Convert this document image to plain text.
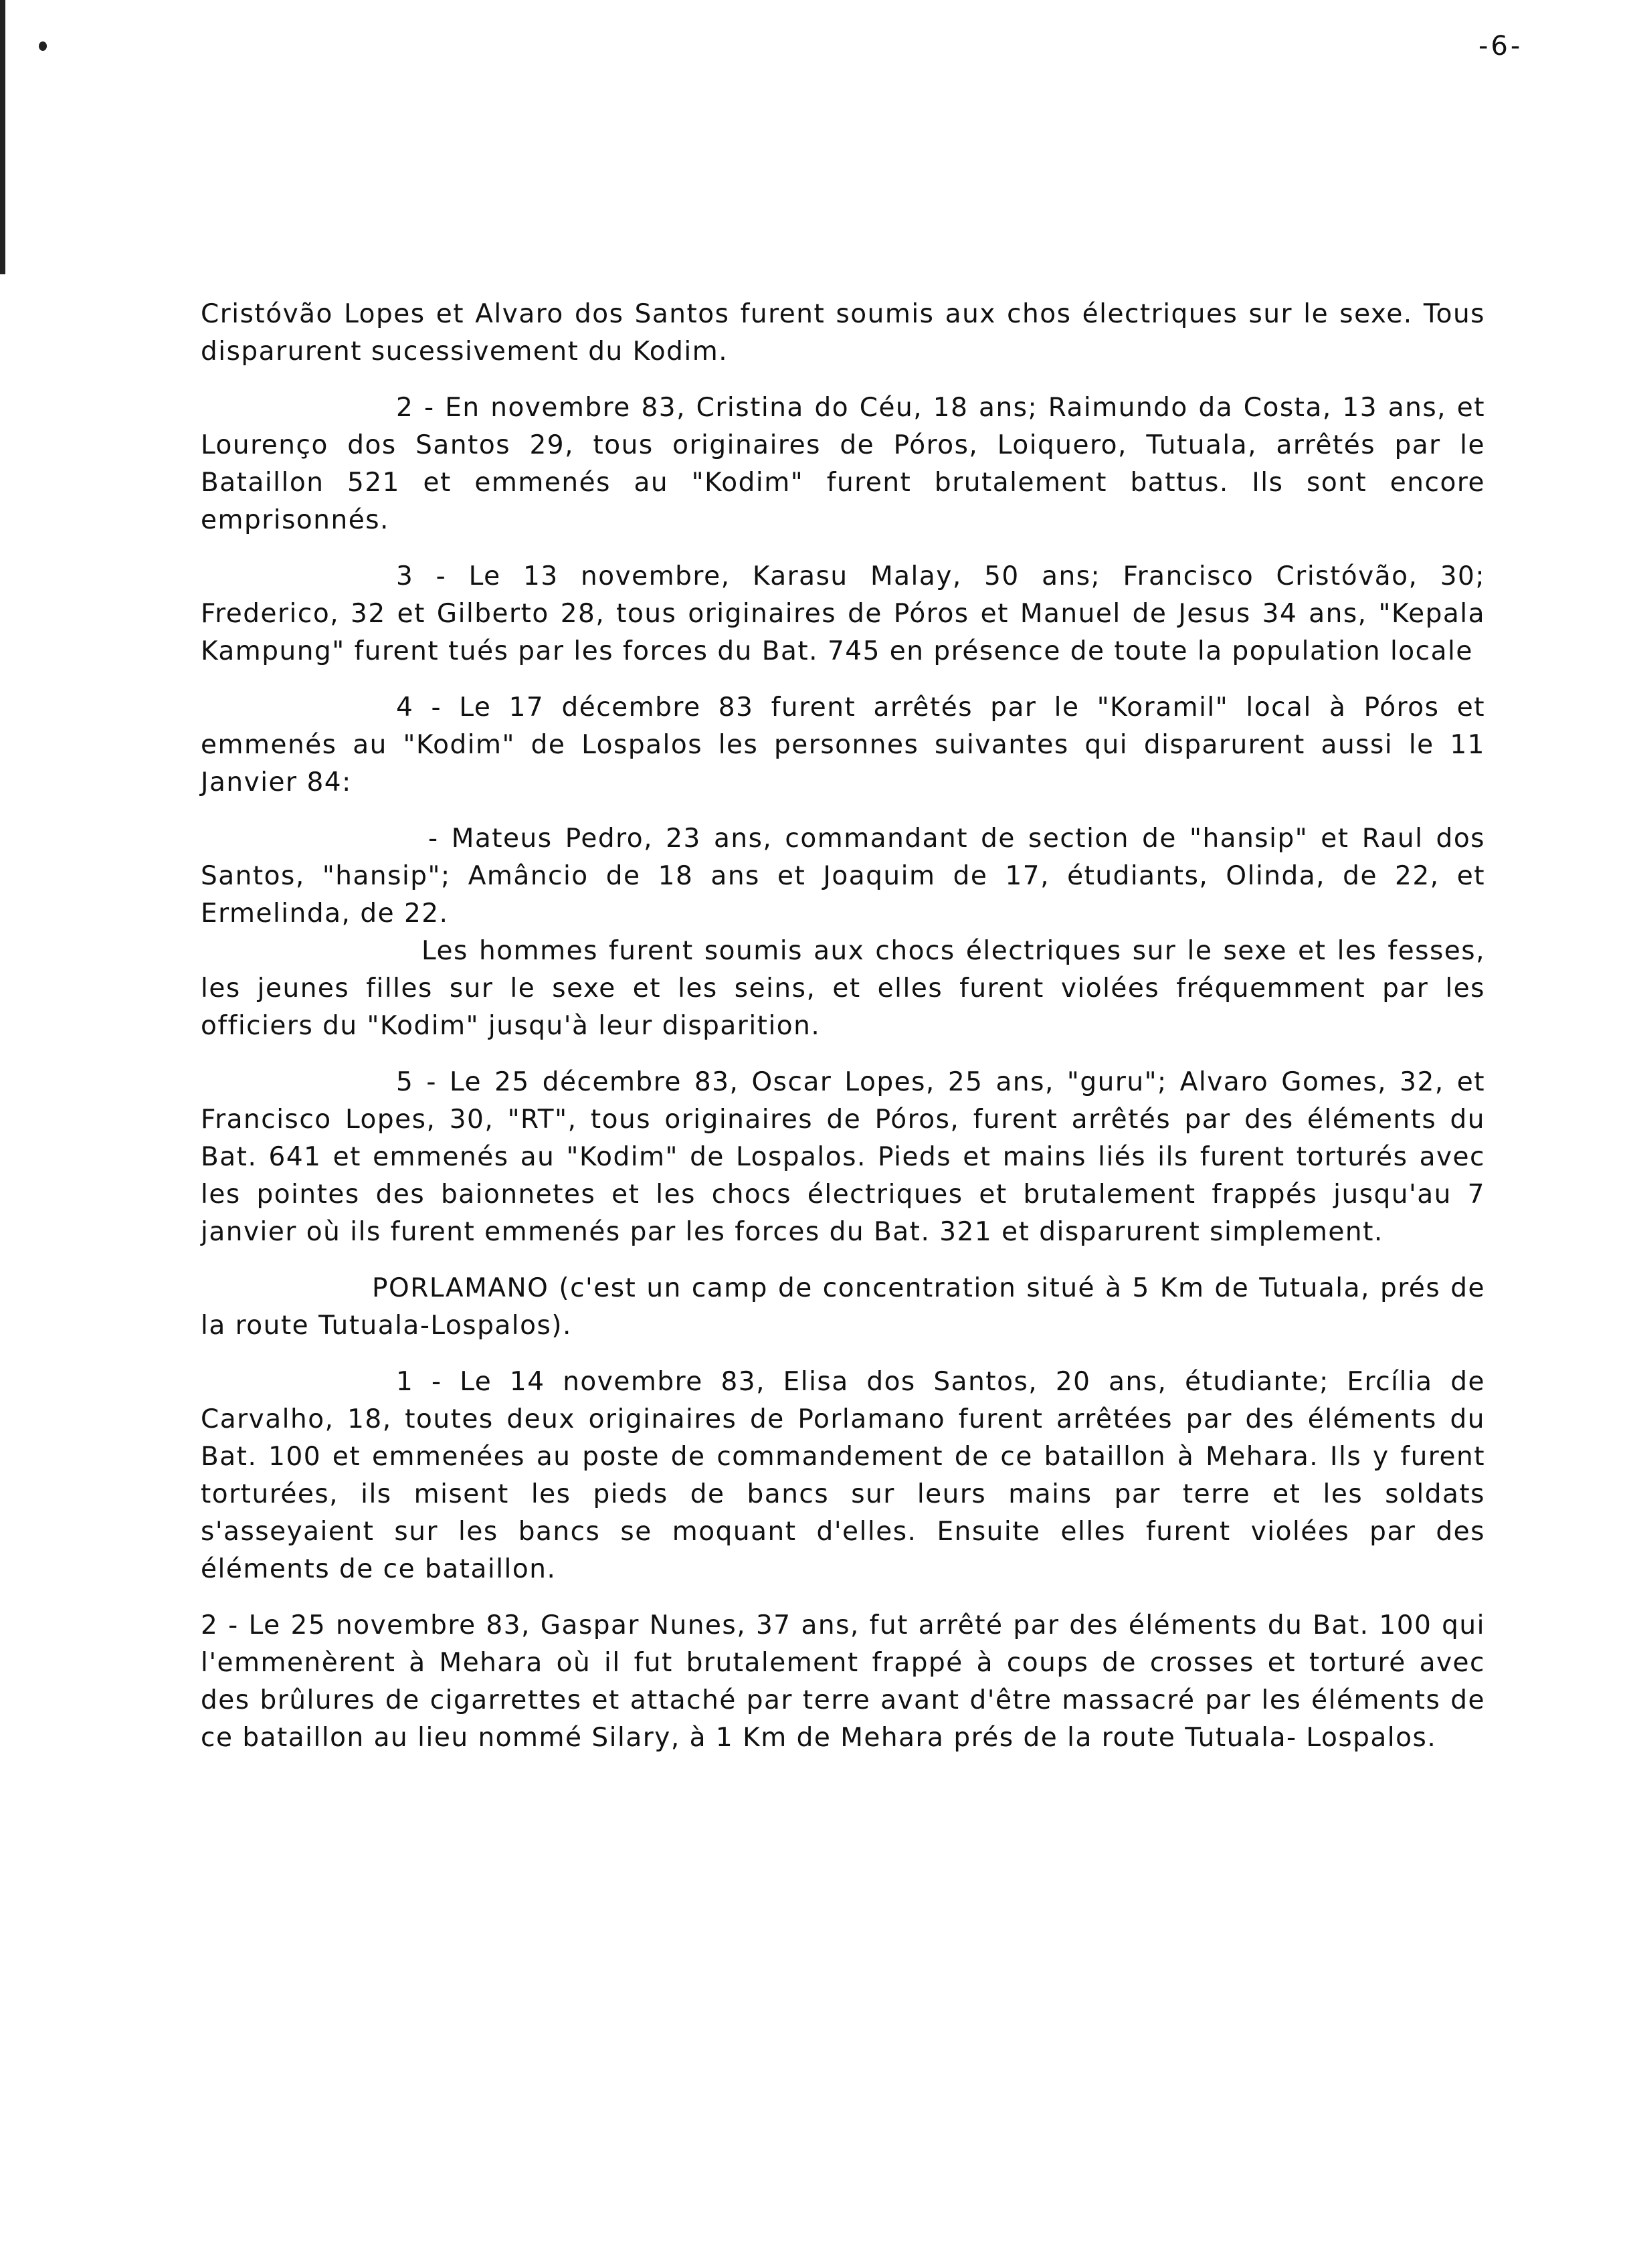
-6-

Cristóvão Lopes et Alvaro dos Santos furent soumis aux chos électriques sur le sexe. Tous disparurent sucessivement du Kodim.

2 - En novembre 83, Cristina do Céu, 18 ans; Raimundo da Costa, 13 ans, et Lourenço dos Santos 29, tous originaires de Póros, Loiquero, Tutuala, arrêtés par le Bataillon 521 et emmenés au "Kodim" furent brutalement battus. Ils sont encore emprisonnés.

3 - Le 13 novembre, Karasu Malay, 50 ans; Francisco Cristóvão, 30; Frederico, 32 et Gilberto 28, tous originaires de Póros et Manuel de Jesus 34 ans, "Kepala Kampung" furent tués par les forces du Bat. 745 en présence de toute la population locale

4 - Le 17 décembre 83 furent arrêtés par le "Koramil" local à Póros et emmenés au "Kodim" de Lospalos les personnes suivantes qui disparurent aussi le 11 Janvier 84:

- Mateus Pedro, 23 ans, commandant de section de "hansip" et Raul dos Santos, "hansip"; Amâncio de 18 ans et Joaquim de 17, étudiants, Olinda, de 22, et Ermelinda, de 22.

Les hommes furent soumis aux chocs électriques sur le sexe et les fesses, les jeunes filles sur le sexe et les seins, et elles furent violées fréquemment par les officiers du "Kodim" jusqu'à leur disparition.

5 - Le 25 décembre 83, Oscar Lopes, 25 ans, "guru"; Alvaro Gomes, 32, et Francisco Lopes, 30, "RT", tous originaires de Póros, furent arrêtés par des éléments du Bat. 641 et emmenés au "Kodim" de Lospalos. Pieds et mains liés ils furent torturés avec les pointes des baionnetes et les chocs électriques et brutalement frappés jusqu'au 7 janvier où ils furent emmenés par les forces du Bat. 321 et disparurent simplement.

PORLAMANO (c'est un camp de concentration situé à 5 Km de Tutuala, prés de la route Tutuala-Lospalos).

1 - Le 14 novembre 83, Elisa dos Santos, 20 ans, étudiante; Ercília de Carvalho, 18, toutes deux originaires de Porlamano furent arrêtées par des éléments du Bat. 100 et emmenées au poste de commandement de ce bataillon à Mehara. Ils y furent torturées, ils misent les pieds de bancs sur leurs mains par terre et les soldats s'asseyaient sur les bancs se moquant d'elles. Ensuite elles furent violées par des éléments de ce bataillon.

2 - Le 25 novembre 83, Gaspar Nunes, 37 ans, fut arrêté par des éléments du Bat. 100 qui l'emmenèrent à Mehara où il fut brutalement frappé à coups de crosses et torturé avec des brûlures de cigarrettes et attaché par terre avant d'être massacré par les éléments de ce bataillon au lieu nommé Silary, à 1 Km de Mehara prés de la route Tutuala- Lospalos.
